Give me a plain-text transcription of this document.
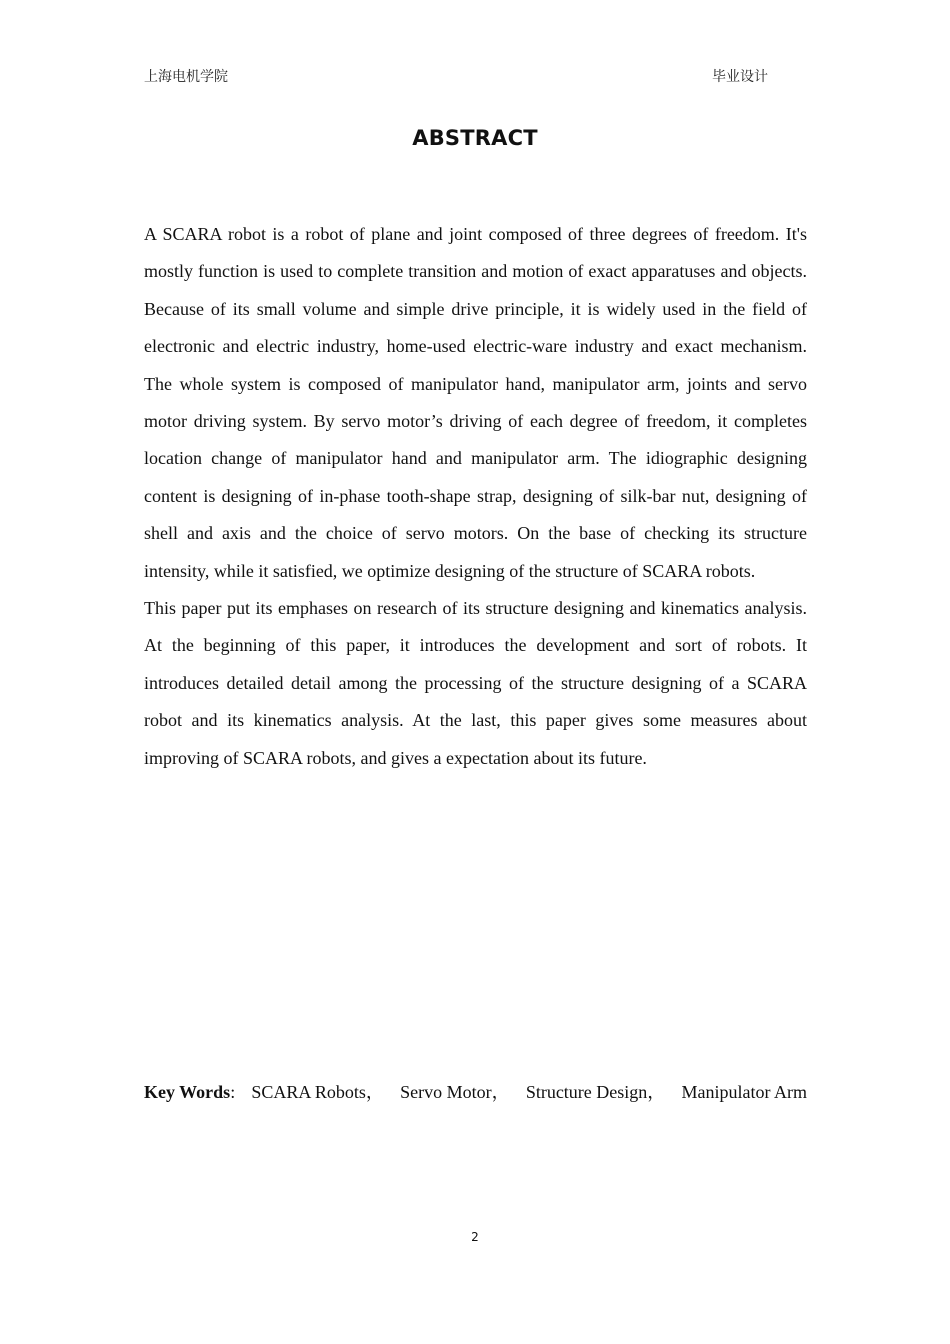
上海电机学院	毕业设计
ABSTRACT

A SCARA robot is a robot of plane and joint composed of three degrees of freedom. It's mostly function is used to complete transition and motion of exact apparatuses and objects. Because of its small volume and simple drive principle, it is widely used in the field of electronic and electric industry, home-used electric-ware industry and exact mechanism. The whole system is composed of manipulator hand, manipulator arm, joints and servo motor driving system. By servo motor’s driving of each degree of freedom, it completes location change of manipulator hand and manipulator arm. The idiographic designing content is designing of in-phase tooth-shape strap, designing of silk-bar nut, designing of shell and axis and the choice of servo motors. On the base of checking its structure intensity, while it satisfied, we optimize designing of the structure of SCARA robots.

This paper put its emphases on research of its structure designing and kinematics analysis. At the beginning of this paper, it introduces the development and sort of robots. It introduces detailed detail among the processing of the structure designing of a SCARA robot and its kinematics analysis. At the last, this paper gives some measures about improving of SCARA robots, and gives a expectation about its future.

Key Words: SCARA Robots， Servo Motor， Structure Design， Manipulator Arm
2
